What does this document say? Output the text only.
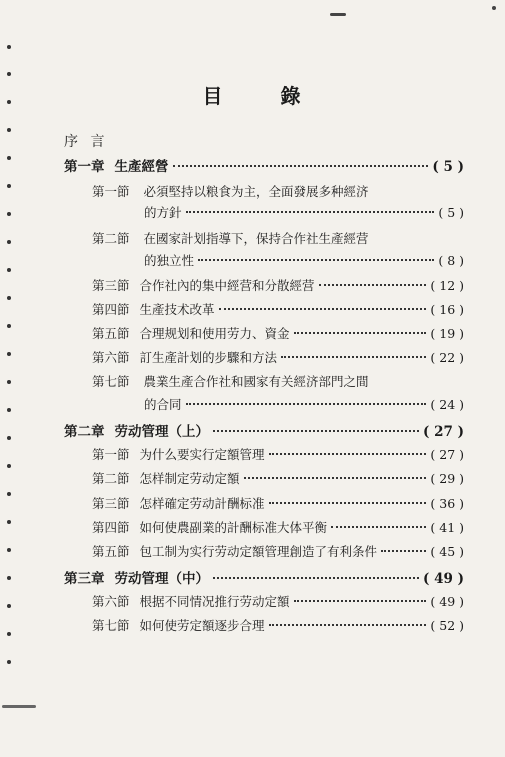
目	錄
序 言
第一章 生產經營	( 5 )
第一節 必須堅持以粮食为主，全面發展多种經济
的方針	( 5 )
第二節 在國家計划指導下，保持合作社生產經营
的独立性	( 8 )
第三節 合作社內的集中經营和分散經营	( 12 )
第四節 生產技术改革	( 16 )
第五節 合理规划和使用劳力、資金	( 19 )
第六節 訂生產計划的步驟和方法	( 22 )
第七節 農業生產合作社和國家有关經济部門之間
的合同	( 24 )
第二章 劳动管理（上）	( 27 )
第一節 为什么要实行定額管理	( 27 )
第二節 怎样制定劳动定額	( 29 )
第三節 怎样確定劳动計酬标准	( 36 )
第四節 如何使農副業的計酬标准大体平衡	( 41 )
第五節 包工制为实行劳动定額管理創造了有利条件	( 45 )
第三章 劳动管理（中）	( 49 )
第六節 根据不同情况推行劳动定額	( 49 )
第七節 如何使劳定額逐步合理	( 52 )
